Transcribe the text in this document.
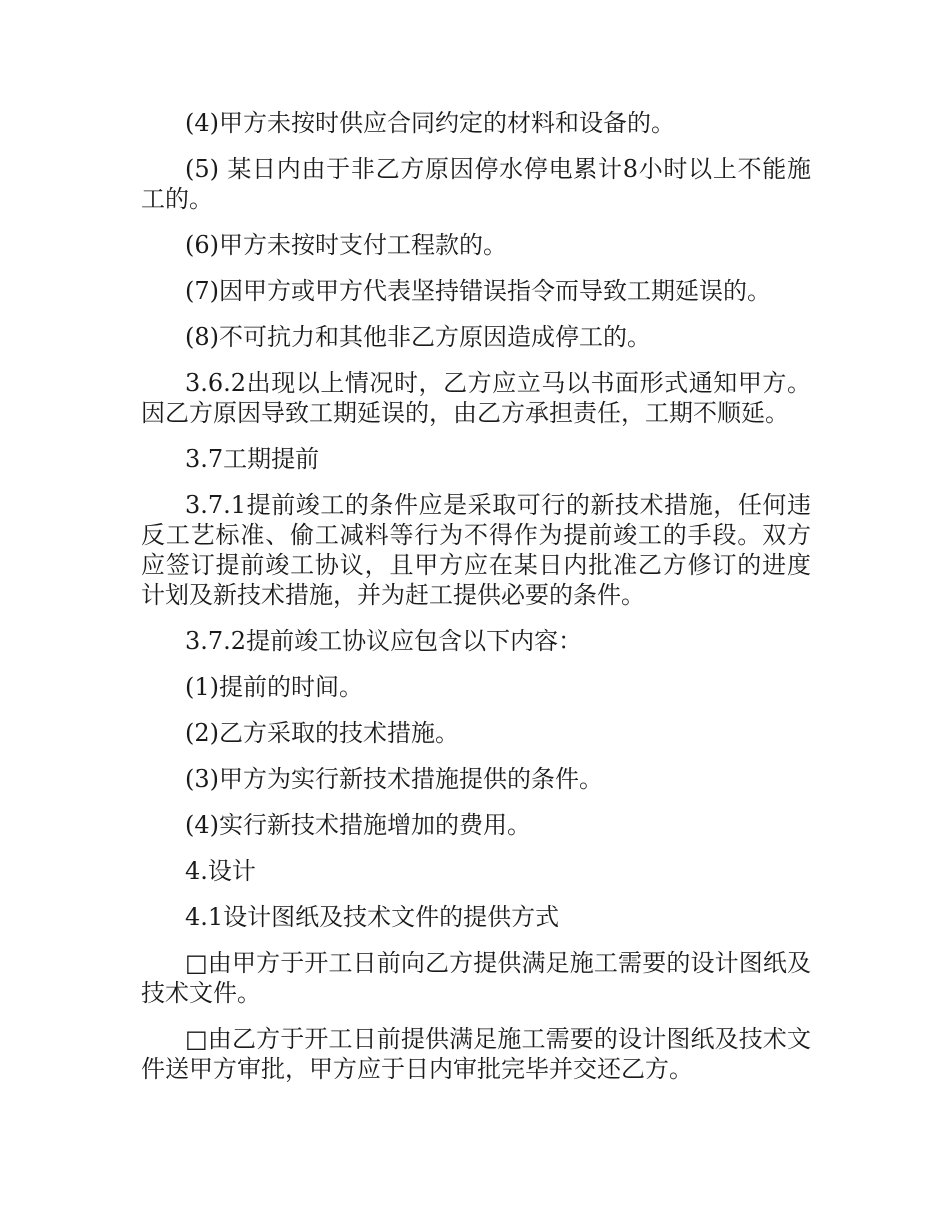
(4)甲方未按时供应合同约定的材料和设备的。

(5) 某日内由于非乙方原因停水停电累计8小时以上不能施工的。

(6)甲方未按时支付工程款的。

(7)因甲方或甲方代表坚持错误指令而导致工期延误的。

(8)不可抗力和其他非乙方原因造成停工的。

3.6.2出现以上情况时，乙方应立马以书面形式通知甲方。因乙方原因导致工期延误的，由乙方承担责任，工期不顺延。

3.7工期提前

3.7.1提前竣工的条件应是采取可行的新技术措施，任何违反工艺标准、偷工减料等行为不得作为提前竣工的手段。双方应签订提前竣工协议，且甲方应在某日内批准乙方修订的进度计划及新技术措施，并为赶工提供必要的条件。

3.7.2提前竣工协议应包含以下内容：

(1)提前的时间。

(2)乙方采取的技术措施。

(3)甲方为实行新技术措施提供的条件。

(4)实行新技术措施增加的费用。

4.设计

4.1设计图纸及技术文件的提供方式

□由甲方于开工日前向乙方提供满足施工需要的设计图纸及技术文件。

□由乙方于开工日前提供满足施工需要的设计图纸及技术文件送甲方审批，甲方应于日内审批完毕并交还乙方。
